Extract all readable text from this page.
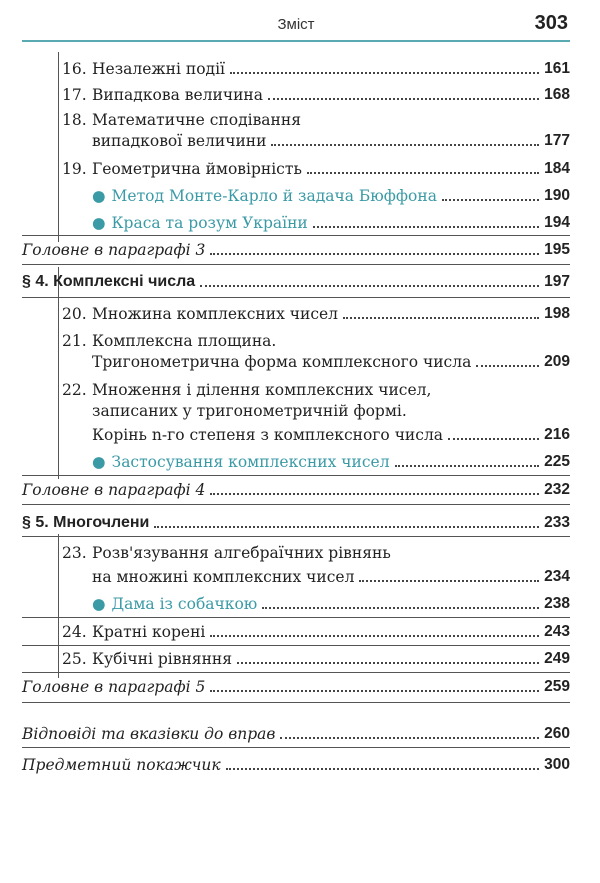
Зміст	303
16. Незалежні події	161
17. Випадкова величина	168
18. Математичне сподівання
випадкової величини	177
19. Геометрична ймовірність	184
● Метод Монте-Карло й задача Бюффона	190
● Краса та розум України	194
Головне в параграфі 3	195
§ 4. Комплексні числа	197
20. Множина комплексних чисел	198
21. Комплексна площина.
Тригонометрична форма комплексного числа	209
22. Множення і ділення комплексних чисел,
записаних у тригонометричній формі.
Корінь n-го степеня з комплексного числа	216
● Застосування комплексних чисел	225
Головне в параграфі 4	232
§ 5. Многочлени	233
23. Розв'язування алгебраїчних рівнянь
на множині комплексних чисел	234
● Дама із собачкою	238
24. Кратні корені	243
25. Кубічні рівняння	249
Головне в параграфі 5	259
Відповіді та вказівки до вправ	260
Предметний покажчик	300
